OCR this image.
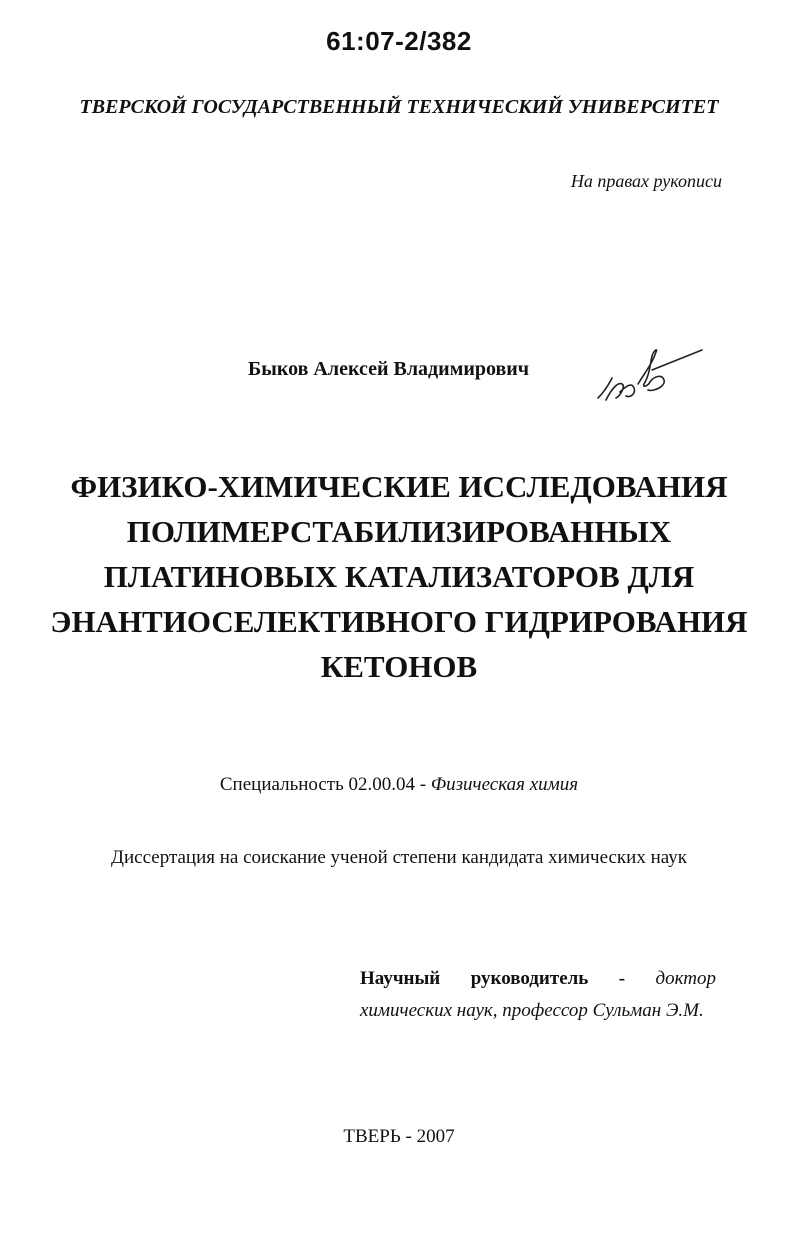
61:07-2/382
ТВЕРСКОЙ ГОСУДАРСТВЕННЫЙ ТЕХНИЧЕСКИЙ УНИВЕРСИТЕТ
На правах рукописи
Быков Алексей Владимирович
ФИЗИКО-ХИМИЧЕСКИЕ ИССЛЕДОВАНИЯ
ПОЛИМЕРСТАБИЛИЗИРОВАННЫХ
ПЛАТИНОВЫХ КАТАЛИЗАТОРОВ ДЛЯ
ЭНАНТИОСЕЛЕКТИВНОГО ГИДРИРОВАНИЯ
КЕТОНОВ
Специальность 02.00.04 - Физическая химия
Диссертация на соискание ученой степени кандидата химических наук
Научный руководитель - доктор
химических наук, профессор Сульман Э.М.
ТВЕРЬ - 2007
